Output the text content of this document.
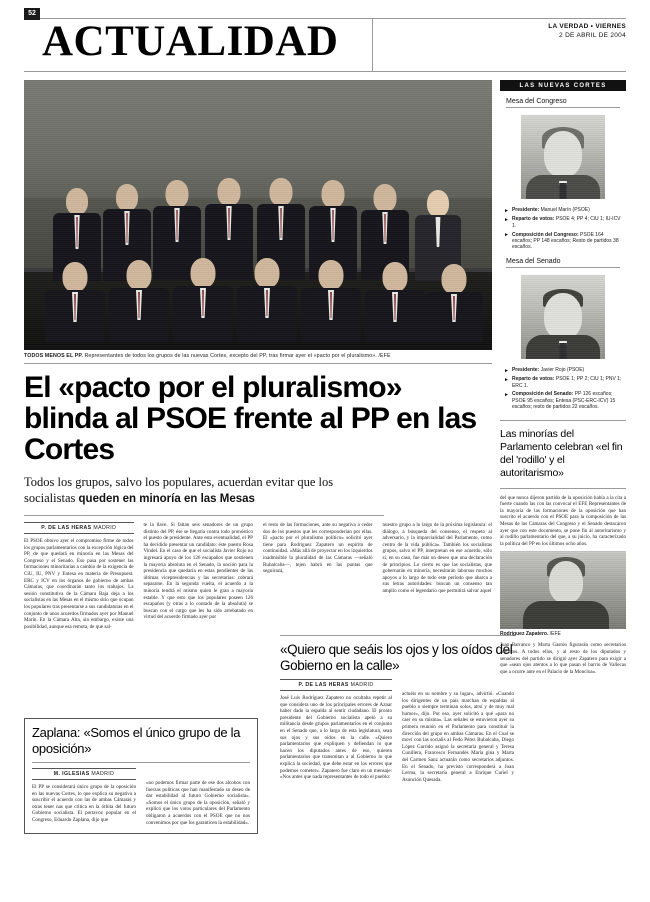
52
ACTUALIDAD	LA VERDAD • VIERNES
2 DE ABRIL DE 2004
TODOS MENOS EL PP. Representantes de todos los grupos de las nuevas Cortes, excepto del PP, tras firmar ayer el «pacto por el pluralismo». /EFE
El «pacto por el pluralismo» blinda al PSOE frente al PP en las Cortes
Todos los grupos, salvo los populares, acuerdan evitar que los socialistas queden en minoría en las Mesas
P. DE LAS HERAS MADRID
El PSOE obtuvo ayer el compromiso firme de todos los grupos parlamentarios con la excepción lógica del PP, de que quedará en minoría en las Mesas del Congreso y el Senado. Eso pasa por sostener las formaciones minoritarias a cambio de la exigencia de CiU, IU, PNV y Entesa en materia de Presupuest. ERC y ICV en los órganos de gobierno de ambas Cámaras, que coordinarán tanto los trabajos. La sesión constitutiva de la Cámara Baja deja a los socialistas en las Mesas en el mismo sitio que ocupan los populares tras presentarse a sus candidaturas en el conjunto de unos acuerdos firmados ayer por Manuel Marín. En la Cámara Alta, sin embargo, existe una posibilidad, aunque esa remota, de que sal-
te la llave. Si faltan seis senadores de un grupo distinto del PP, ése se llegaría contra todo pronóstico el puesto de presidente. Ante esta eventualidad, el PP ha decidido presentar un candidato: éste puesto Rosa Vindel. En el caso de que el socialista Javier Rojo no ingresará apoyo de los 126 escapaños que sostienen la mayoría absoluta en el Senado, la unción para la presidencia que quedaría en estas pendientes de las últimas vicepresidencias y las secretarías: cobrará separarse. En la segunda vuelta, el acuerdo a la minoría tendrá el mismo quien le gran a mayoría estable. Y que esto que los populares poseen 126 escapaños (y otras a lo contado de la absoluta) se buscan con el cargo que les ha sido arrebatado en virtud del acuerdo firmado ayer por
el resto de las formaciones, ante su negativa a ceder dos de los puestos que les corresponderían por ellas. El «pacto por el pluralismo político» solicitó ayer tiene para Rodríguez Zapatero un espíritu de continuidad. «Más allá de proyectar en los izquierdos inadmisible la pluralidad de las Cámaras —señaló Rubalcaba—, tejen habrá en las puntas que seguirazá,
nuestro grupo a lo largo de la próxima legislatura: el diálogo, a búsqueda del consenso, el respeto al adversario, y la imparcialidad del Parlamento, como centro de la vida pública». También los socialistas grupos, salvo el PP, interpretan en ese acuerdo, sólo sí, en su caso, fue más un deseo que una declaración de principios. Lo cierto es que las socialistas, que gobernarán en minoría, necesitarán laborsus muchos apoyos a lo largo de todo este período que abarca a sus letras autoridades: buscan un consenso tan amplio como el legendario que permitirá salvar aquel
«Quiero que seáis los ojos y los oídos del Gobierno en la calle»
P. DE LAS HERAS MADRID
José Luis Rodríguez Zapatero no ocultaba repetir al que considera uno de los principales errores de Aznar haber dado la espalda al sentir ciudadano. El pronto presidente del Gobierno socialista apeló a su militancia desde grupos parlamentarios en el conjunto en el Senado que, a lo largo de esta legislatura, sean sus ojos y sus oídos en la calle. «Quiero parlamentarios que expliquen y defiendan lo que hacen los diputados antes de eso, quieren parlamentarios que transmitan a al Gobierno lo que explica la sociedad, que debe estar en los errores que podemos cometer». Zapatero fue claro en un mensaje: «Nos antes que nada representantes de todo el pueblo:
actuéis en su nombre y su lugar», advirtió. «Cuando los dirigentes de un país marchan de espaldas al pueblo o siempre terminan solos, atrsí y de muy mal humor», dijo. Por eso, ayer solicitó a qué «para no caer en su misma». Las señales se estuvieron ayer su primera reunión en el Parlamento para constituir la dirección del grupo en ambas Cámaras. En el Cual se moví con las socialis al Fedo Pérez Rubalcaba, Diego López Garrido asignó la secretaría general y Teresa Cunillera, Francesco Fernandés María gina y Marta del Carmen Sanz actuarán como secretarios adjuntos. En el Senado, ha previsto corresponderá a Joan Lerma, la secretaría general a Enrique Curiel y Asunción Quesada.
Zaplana: «Somos el único grupo de la oposición»
M. IGLESIAS MADRID
El PP se considerará único grupo de la oposición en las nuevas Cortes, lo que explica su negativa a suscribir el acuerdo con las de ambas Cámaras y otras tener nas que critica en la órbita del futuro Gobierno socialista. El portavoz popular en el Congreso, Eduardo Zaplana, dijo que
«no podemos firmar parte de ese dos alcobos con fuerzas políticas que han manifestado su deseo de dar estabilidad al futuro Gobierno socialista». «Somos el único grupo de la oposición, señaló y explicó que los votos particulares del Parlamento obligaron a acuerdos con el PSOE que no nos convenimos por que los garanticen la estabilidad».
LAS NUEVAS CORTES
Mesa del Congreso
► Presidente: Manuel Marín (PSOE)
► Reparto de votos: PSOE 4; PP 4; CiU 1; IU-ICV 1.
► Composición del Congreso: PSOE 164 escaños; PP 148 escaños; Resto de partidos 38 escaños.
Mesa del Senado
► Presidente: Javier Rojo (PSOE)
► Reparto de votos: PSOE 1; PP 2; CiU 1; PNV 1; ERC 1.
► Composición del Senado: PP 126 escaños; PSOE 95 escaños; Entesa (PSC-ERC-ICV) 15 escaños; resto de partidos 22 escaños.
Las minorías del Parlamento celebran «el fin del 'rodillo' y el autoritarismo»
del que nunca dijeron partido de la oposición había a la cita a fuerte cuando las con las convocar el EFE Representantes de la mayoría de las formaciones de la oposición que han suscrito el acuerdo con el PSOE para la composición de las Mesas de las Cámaras del Congreso y el Senado destacaron ayer que con este documento, se pone fin al autoritarismo y al rodillo parlamentario del que, a su juicio, ha caracterizado la política del PP en los últimos ocho años.
Rodríguez Zapatero. /EFE
Juan Barranco y Marta Gastón figurarán como secretarios adjuntos. A todos ellos, y al resto de los diputados y senadores del partido se dirigió ayer Zapatero para exigir a que «sean ojos atentos a lo que pasan el barrio de Vallecas que a ocurre ante en el Palacio de la Moncloa».
